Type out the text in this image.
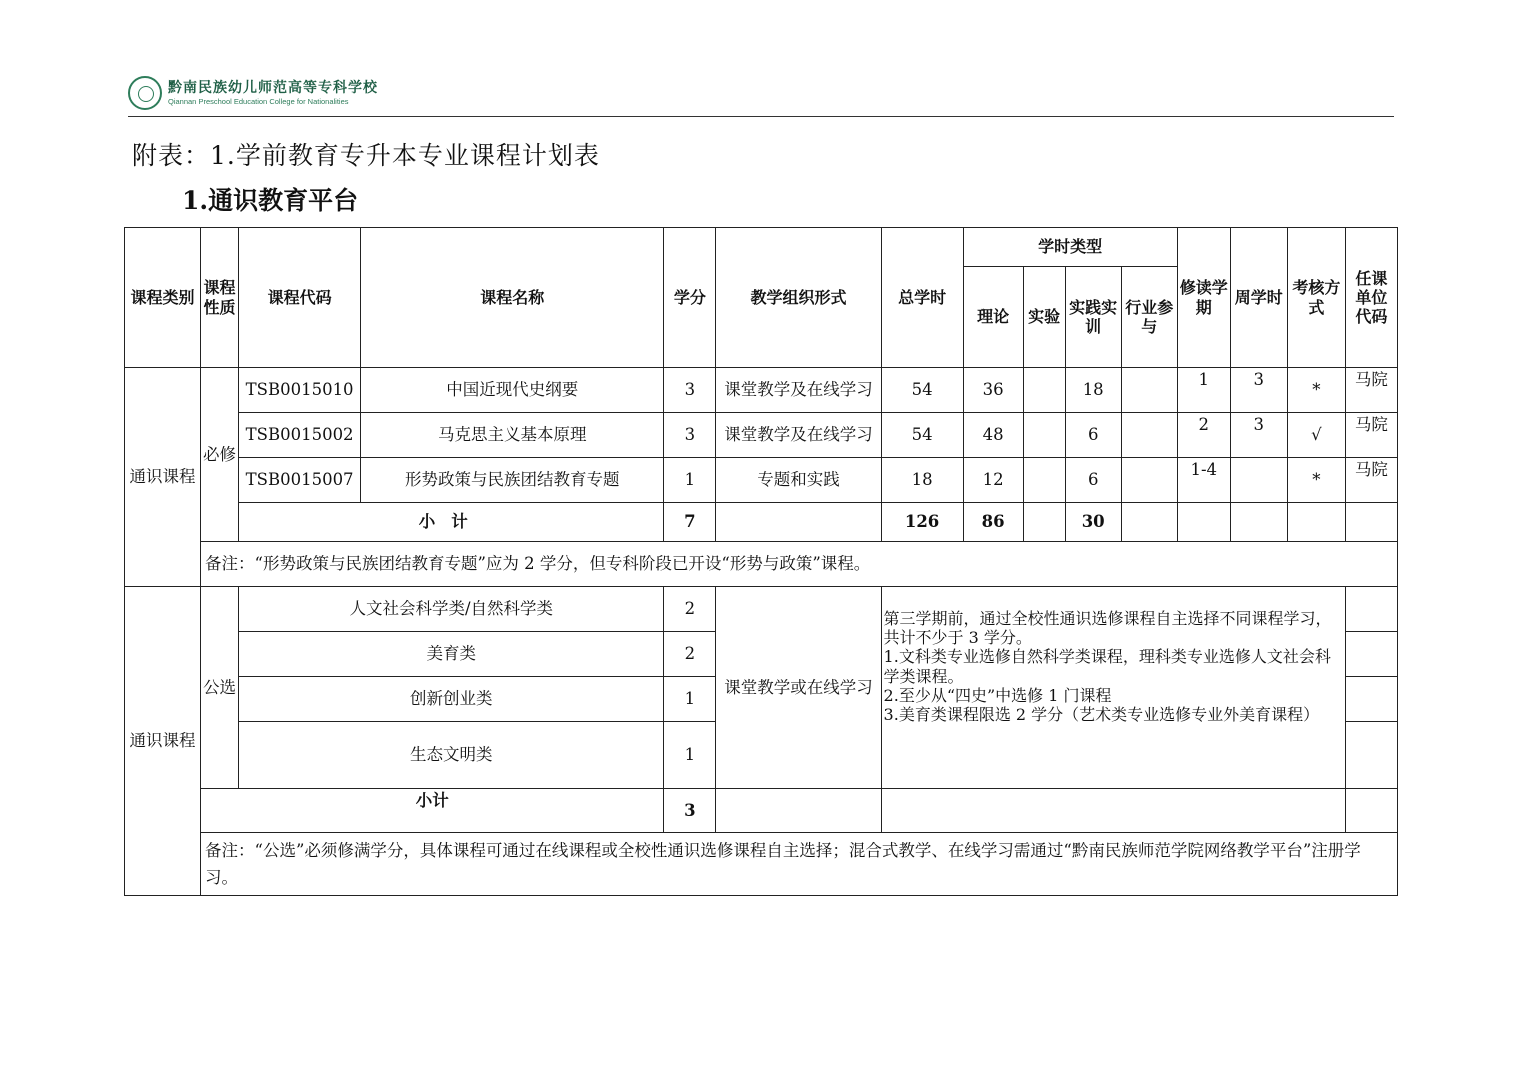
黔南民族幼儿师范高等专科学校
Qiannan Preschool Education College for Nationalities
附表：1.学前教育专升本专业课程计划表
1.通识教育平台
课程类别	课程性质	课程代码	课程名称	学分	教学组织形式	总学时	学时类型				修读学期	周学时	考核方式	任课单位代码
							理论	实验	实践实训	行业参与				
通识课程	必修	TSB0015010	中国近现代史纲要	3	课堂教学及在线学习	54	36		18		1	3	*	马院
		TSB0015002	马克思主义基本原理	3	课堂教学及在线学习	54	48		6		2	3	√	马院
		TSB0015007	形势政策与民族团结教育专题	1	专题和实践	18	12		6		1-4		*	马院
		小计		7		126	86		30					
	备注：“形势政策与民族团结教育专题”应为 2 学分，但专科阶段已开设“形势与政策”课程。													
通识课程	公选	人文社会科学类/自然科学类		2	课堂教学或在线学习	第三学期前，通过全校性通识选修课程自主选择不同课程学习，共计不少于 3 学分。
1.文科类专业选修自然科学类课程，理科类专业选修人文社会科学类课程。
2.至少从“四史”中选修 1 门课程
3.美育类课程限选 2 学分（艺术类专业选修专业外美育课程）								

		美育类		2										
		创新创业类		1										
		生态文明类		1										
	小计			3										
	备注：“公选”必须修满学分，具体课程可通过在线课程或全校性通识选修课程自主选择；混合式教学、在线学习需通过“黔南民族师范学院网络教学平台”注册学习。													
